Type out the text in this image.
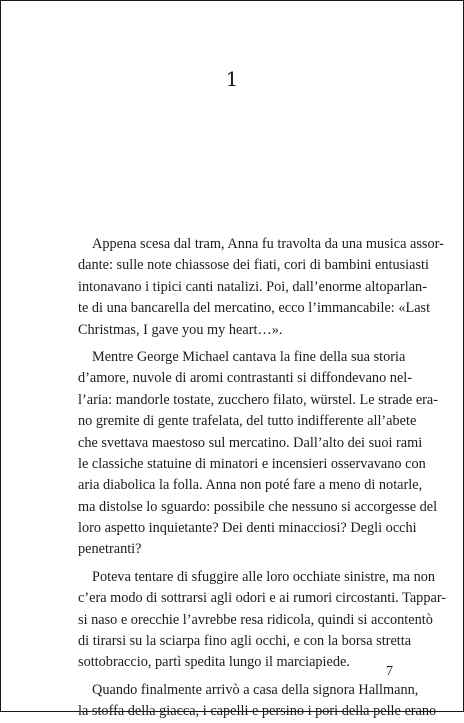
1
Appena scesa dal tram, Anna fu travolta da una musica assor-
dante: sulle note chiassose dei fiati, cori di bambini entusiasti
intonavano i tipici canti natalizi. Poi, dall’enorme altoparlan-
te di una bancarella del mercatino, ecco l’immancabile: «Last
Christmas, I gave you my heart…».
Mentre George Michael cantava la fine della sua storia
d’amore, nuvole di aromi contrastanti si diffondevano nel-
l’aria: mandorle tostate, zucchero filato, würstel. Le strade era-
no gremite di gente trafelata, del tutto indifferente all’abete
che svettava maestoso sul mercatino. Dall’alto dei suoi rami
le classiche statuine di minatori e incensieri osservavano con
aria diabolica la folla. Anna non poté fare a meno di notarle,
ma distolse lo sguardo: possibile che nessuno si accorgesse del
loro aspetto inquietante? Dei denti minacciosi? Degli occhi
penetranti?
Poteva tentare di sfuggire alle loro occhiate sinistre, ma non
c’era modo di sottrarsi agli odori e ai rumori circostanti. Tappar-
si naso e orecchie l’avrebbe resa ridicola, quindi si accontentò
di tirarsi su la sciarpa fino agli occhi, e con la borsa stretta
sottobraccio, partì spedita lungo il marciapiede.
Quando finalmente arrivò a casa della signora Hallmann,
la stoffa della giacca, i capelli e persino i pori della pelle erano
7
